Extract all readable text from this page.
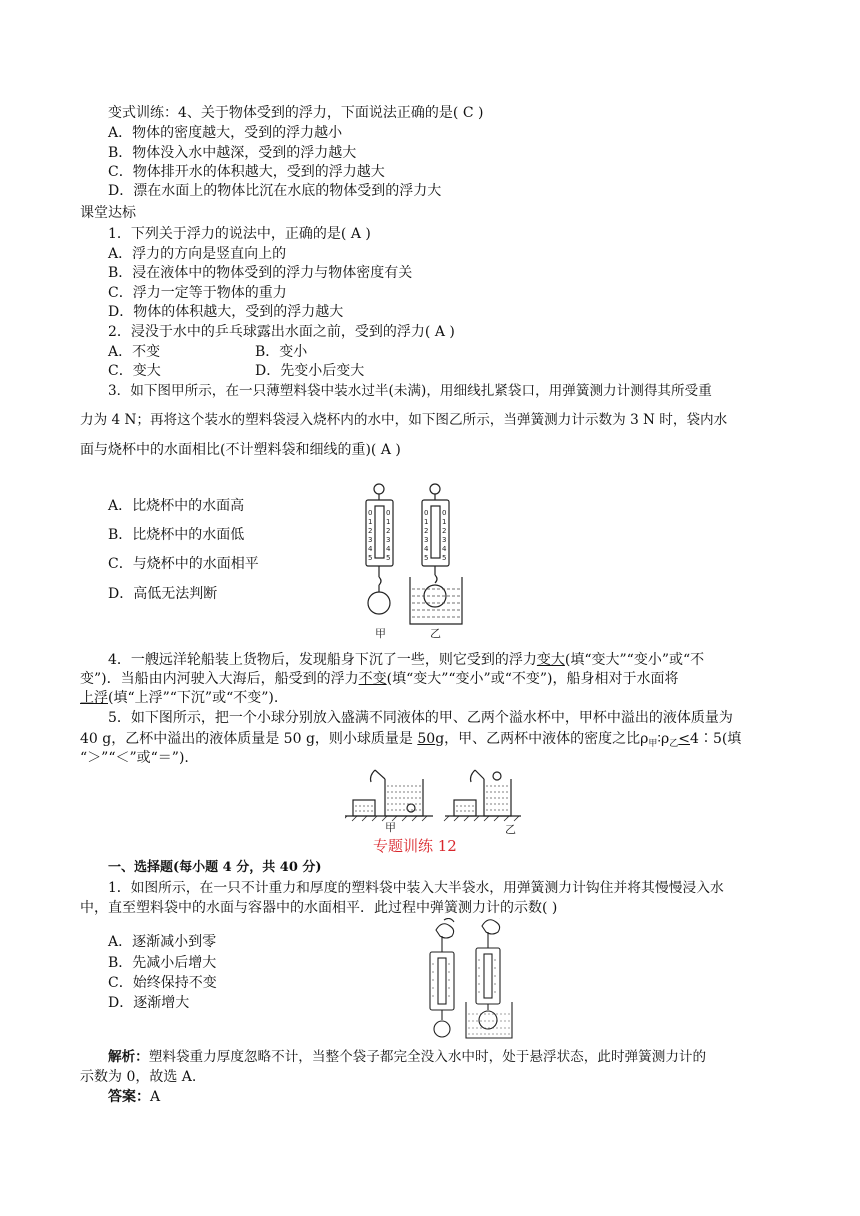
变式训练：4、关于物体受到的浮力，下面说法正确的是( C )
A．物体的密度越大，受到的浮力越小
B．物体没入水中越深，受到的浮力越大
C．物体排开水的体积越大，受到的浮力越大
D．漂在水面上的物体比沉在水底的物体受到的浮力大
课堂达标
1．下列关于浮力的说法中，正确的是( A )
A．浮力的方向是竖直向上的
B．浸在液体中的物体受到的浮力与物体密度有关
C．浮力一定等于物体的重力
D．物体的体积越大，受到的浮力越大
2．浸没于水中的乒乓球露出水面之前，受到的浮力( A )
A．不变	B．变小
C．变大	D．先变小后变大
3．如下图甲所示，在一只薄塑料袋中装水过半(未满)，用细线扎紧袋口，用弹簧测力计测得其所受重
力为 4 N；再将这个装水的塑料袋浸入烧杯内的水中，如下图乙所示，当弹簧测力计示数为 3 N 时，袋内水
面与烧杯中的水面相比(不计塑料袋和细线的重)( A )
A．比烧杯中的水面高
B．比烧杯中的水面低
C．与烧杯中的水面相平
D．高低无法判断
0
1
2
3
4
5
0
1
2
3
4
5
0
1
2
3
4
5
0
1
2
3
4
5
甲	乙
4．一艘远洋轮船装上货物后，发现船身下沉了一些，则它受到的浮力变大(填“变大”“变小”或“不
变”)．当船由内河驶入大海后，船受到的浮力不变(填“变大”“变小”或“不变”)，船身相对于水面将
上浮(填“上浮”“下沉”或“不变”).
5．如下图所示，把一个小球分别放入盛满不同液体的甲、乙两个溢水杯中，甲杯中溢出的液体质量为
40 g，乙杯中溢出的液体质量是 50 g，则小球质量是 50g，甲、乙两杯中液体的密度之比$\rho_甲∶\rho_乙<4∶5$(填
“＞”“＜”或“＝”).
甲	乙
专题训练 12
一、选择题(每小题 4 分，共 40 分)
1．如图所示，在一只不计重力和厚度的塑料袋中装入大半袋水，用弹簧测力计钩住并将其慢慢浸入水
中，直至塑料袋中的水面与容器中的水面相平．此过程中弹簧测力计的示数( )
A．逐渐减小到零
B．先减小后增大
C．始终保持不变
D．逐渐增大
解析：塑料袋重力厚度忽略不计，当整个袋子都完全没入水中时，处于悬浮状态，此时弹簧测力计的
示数为 0，故选 A.
答案：A
